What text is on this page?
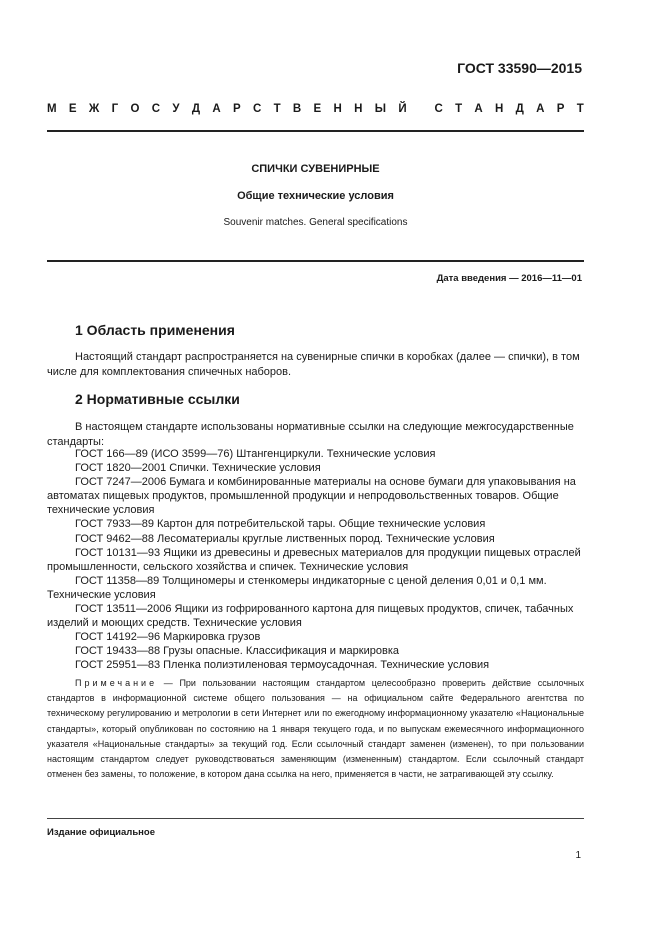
ГОСТ 33590—2015
М Е Ж Г О С У Д А Р С Т В Е Н Н Ы Й
С Т А Н Д А Р Т
СПИЧКИ СУВЕНИРНЫЕ
Общие технические условия
Souvenir matches. General specifications
Дата введения — 2016—11—01
1 Область применения
Настоящий стандарт распространяется на сувенирные спички в коробках (далее — спички), в том числе для комплектования спичечных наборов.
2 Нормативные ссылки
В настоящем стандарте использованы нормативные ссылки на следующие межгосударственные стандарты:
ГОСТ 166—89 (ИСО 3599—76) Штангенциркули. Технические условия
ГОСТ 1820—2001 Спички. Технические условия
ГОСТ 7247—2006 Бумага и комбинированные материалы на основе бумаги для упаковывания на автоматах пищевых продуктов, промышленной продукции и непродовольственных товаров. Общие технические условия
ГОСТ 7933—89 Картон для потребительской тары. Общие технические условия
ГОСТ 9462—88 Лесоматериалы круглые лиственных пород. Технические условия
ГОСТ 10131—93 Ящики из древесины и древесных материалов для продукции пищевых отраслей промышленности, сельского хозяйства и спичек. Технические условия
ГОСТ 11358—89 Толщиномеры и стенкомеры индикаторные с ценой деления 0,01 и 0,1 мм. Технические условия
ГОСТ 13511—2006 Ящики из гофрированного картона для пищевых продуктов, спичек, табачных изделий и моющих средств. Технические условия
ГОСТ 14192—96 Маркировка грузов
ГОСТ 19433—88 Грузы опасные. Классификация и маркировка
ГОСТ 25951—83 Пленка полиэтиленовая термоусадочная. Технические условия
Примечание — При пользовании настоящим стандартом целесообразно проверить действие ссылочных стандартов в информационной системе общего пользования — на официальном сайте Федерального агентства по техническому регулированию и метрологии в сети Интернет или по ежегодному информационному указателю «Национальные стандарты», который опубликован по состоянию на 1 января текущего года, и по выпускам ежемесячного информационного указателя «Национальные стандарты» за текущий год. Если ссылочный стандарт заменен (изменен), то при пользовании настоящим стандартом следует руководствоваться заменяющим (измененным) стандартом. Если ссылочный стандарт отменен без замены, то положение, в котором дана ссылка на него, применяется в части, не затрагивающей эту ссылку.
Издание официальное
1
